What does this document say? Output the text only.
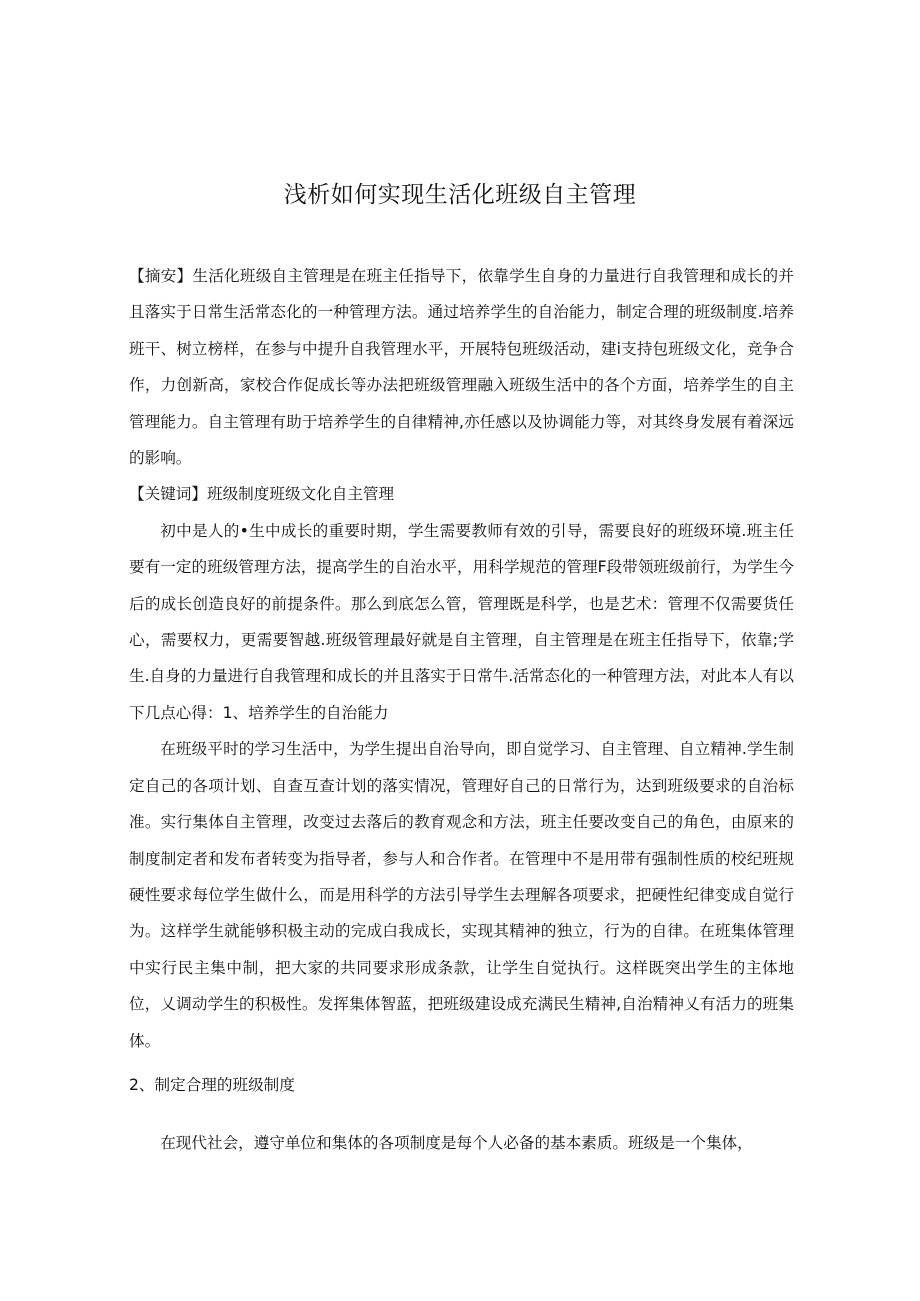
浅析如何实现生活化班级自主管理

【摘安】生活化班级自主管理是在班主任指导下，依靠学生自身的力量进行自我管理和成长的并且落实于日常生活常态化的一种管理方法。通过培养学生的自治能力，制定合理的班级制度.培养班干、树立榜样，在参与中提升自我管理水平，开展特包班级活动，建i支持包班级文化，竞争合作，力创新高，家校合作促成长等办法把班级管理融入班级生活中的各个方面，培养学生的自主管理能力。自主管理有助于培养学生的自律精神,亦任感以及协调能力等，对其终身发展有着深远的影响。

【关键词】班级制度班级文化自主管理

初中是人的•生中成长的重要时期，学生需要教师有效的引导，需要良好的班级环境.班主任要有一定的班级管理方法，提高学生的自治水平，用科学规范的管理F段带领班级前行，为学生今后的成长创造良好的前提条件。那么到底怎么管，管理既是科学，也是艺术：管理不仅需要货任心，需要权力，更需要智越.班级管理最好就是自主管理，自主管理是在班主任指导下，依靠;学生.自身的力量进行自我管理和成长的并且落实于日常牛.活常态化的一种管理方法，对此本人有以下几点心得：1、培养学生的自治能力

在班级平时的学习生活中，为学生提出自治导向，即自觉学习、自主管理、自立精神.学生制定自己的各项计划、自查互查计划的落实情况，管理好自己的日常行为，达到班级要求的自治标准。实行集体自主管理，改变过去落后的教育观念和方法，班主任要改变自己的角色，由原来的制度制定者和发布者转变为指导者，参与人和合作者。在管理中不是用带有强制性质的校纪班规硬性要求每位学生做什么，而是用科学的方法引导学生去理解各项要求，把硬性纪律变成自觉行为。这样学生就能够积极主动的完成白我成长，实现其精神的独立，行为的自律。在班集体管理中实行民主集中制，把大家的共同要求形成条款，让学生自觉执行。这样既突出学生的主体地位，乂调动学生的积极性。发挥集体智蓝，把班级建设成充满民生精神,自治精神乂有活力的班集体。

2、制定合理的班级制度

在现代社会，遵守单位和集体的各项制度是每个人必备的基本素质。班级是一个集体，
